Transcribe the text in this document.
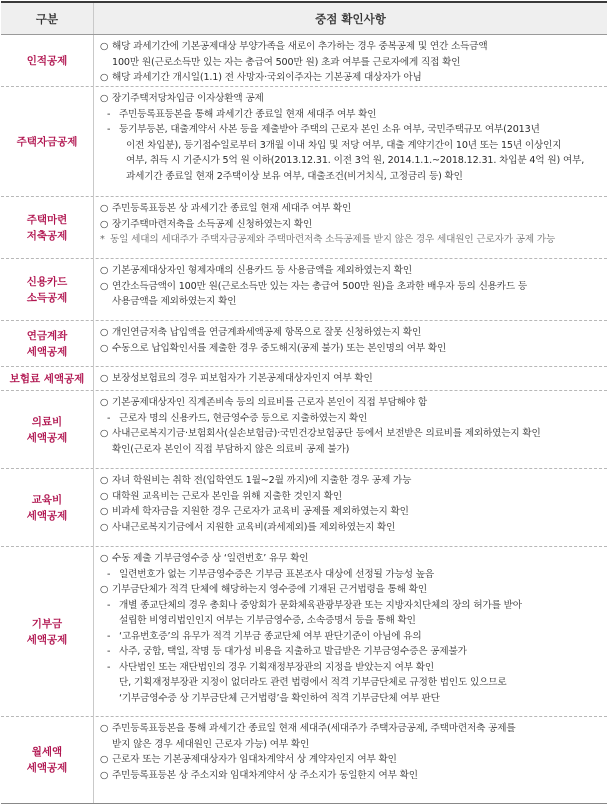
구분	중점 확인사항
인적공제
○ 해당 과세기간에 기본공제대상 부양가족을 새로이 추가하는 경우 중복공제 및 연간 소득금액
100만 원(근로소득만 있는 자는 총급여 500만 원) 초과 여부를 근로자에게 직접 확인
○ 해당 과세기간 개시일(1.1) 전 사망자·국외이주자는 기본공제 대상자가 아님
주택자금공제
○ 장기주택저당차입금 이자상환액 공제
- 주민등록표등본을 통해 과세기간 종료일 현재 세대주 여부 확인
- 등기부등본, 대출계약서 사본 등을 제출받아 주택의 근로자 본인 소유 여부, 국민주택규모 여부(2013년
이전 차입분), 등기접수일로부터 3개월 이내 차입 및 저당 여부, 대출 계약기간이 10년 또는 15년 이상인지
여부, 취득 시 기준시가 5억 원 이하(2013.12.31. 이전 3억 원, 2014.1.1.~2018.12.31. 차입분 4억 원) 여부,
과세기간 종료일 현재 2주택이상 보유 여부, 대출조건(비거치식, 고정금리 등) 확인
주택마련
저축공제
○ 주민등록표등본 상 과세기간 종료일 현재 세대주 여부 확인
○ 장기주택마련저축을 소득공제 신청하였는지 확인
* 동일 세대의 세대주가 주택자금공제와 주택마련저축 소득공제를 받지 않은 경우 세대원인 근로자가 공제 가능
신용카드
소득공제
○ 기본공제대상자인 형제자매의 신용카드 등 사용금액을 제외하였는지 확인
○ 연간소득금액이 100만 원(근로소득만 있는 자는 총급여 500만 원)을 초과한 배우자 등의 신용카드 등
사용금액을 제외하였는지 확인
연금계좌
세액공제
○ 개인연금저축 납입액을 연금계좌세액공제 항목으로 잘못 신청하였는지 확인
○ 수동으로 납입확인서를 제출한 경우 중도해지(공제 불가) 또는 본인명의 여부 확인
보험료 세액공제	○ 보장성보험료의 경우 피보험자가 기본공제대상자인지 여부 확인
의료비
세액공제
○ 기본공제대상자인 직계존비속 등의 의료비를 근로자 본인이 직접 부담해야 함
- 근로자 명의 신용카드, 현금영수증 등으로 지출하였는지 확인
○ 사내근로복지기금·보험회사(실손보험금)·국민건강보험공단 등에서 보전받은 의료비를 제외하였는지 확인
확인(근로자 본인이 직접 부담하지 않은 의료비 공제 불가)
교육비
세액공제
○ 자녀 학원비는 취학 전(입학연도 1월~2월 까지)에 지출한 경우 공제 가능
○ 대학원 교육비는 근로자 본인을 위해 지출한 것인지 확인
○ 비과세 학자금을 지원한 경우 근로자가 교육비 공제를 제외하였는지 확인
○ 사내근로복지기금에서 지원한 교육비(과세제외)를 제외하였는지 확인
기부금
세액공제
○ 수동 제출 기부금영수증 상 ‘일련번호’ 유무 확인
- 일련번호가 없는 기부금영수증은 기부금 표본조사 대상에 선정될 가능성 높음
○ 기부금단체가 적격 단체에 해당하는지 영수증에 기재된 근거법령을 통해 확인
- 개별 종교단체의 경우 총회나 중앙회가 문화체육관광부장관 또는 지방자치단체의 장의 허가를 받아
설립한 비영리법인인지 여부는 기부금영수증, 소속증명서 등을 통해 확인
- ‘고유번호증’의 유무가 적격 기부금 종교단체 여부 판단기준이 아님에 유의
- 사주, 궁합, 택일, 작명 등 대가성 비용을 지출하고 발급받은 기부금영수증은 공제불가
- 사단법인 또는 재단법인의 경우 기획재정부장관의 지정을 받았는지 여부 확인
단, 기획재정부장관 지정이 없더라도 관련 법령에서 적격 기부금단체로 규정한 법인도 있으므로
‘기부금영수증 상 기부금단체 근거법령’을 확인하여 적격 기부금단체 여부 판단
월세액
세액공제
○ 주민등록표등본을 통해 과세기간 종료일 현재 세대주(세대주가 주택자금공제, 주택마련저축 공제를
받지 않은 경우 세대원인 근로자 가능) 여부 확인
○ 근로자 또는 기본공제대상자가 임대차계약서 상 계약자인지 여부 확인
○ 주민등록표등본 상 주소지와 임대차계약서 상 주소지가 동일한지 여부 확인
